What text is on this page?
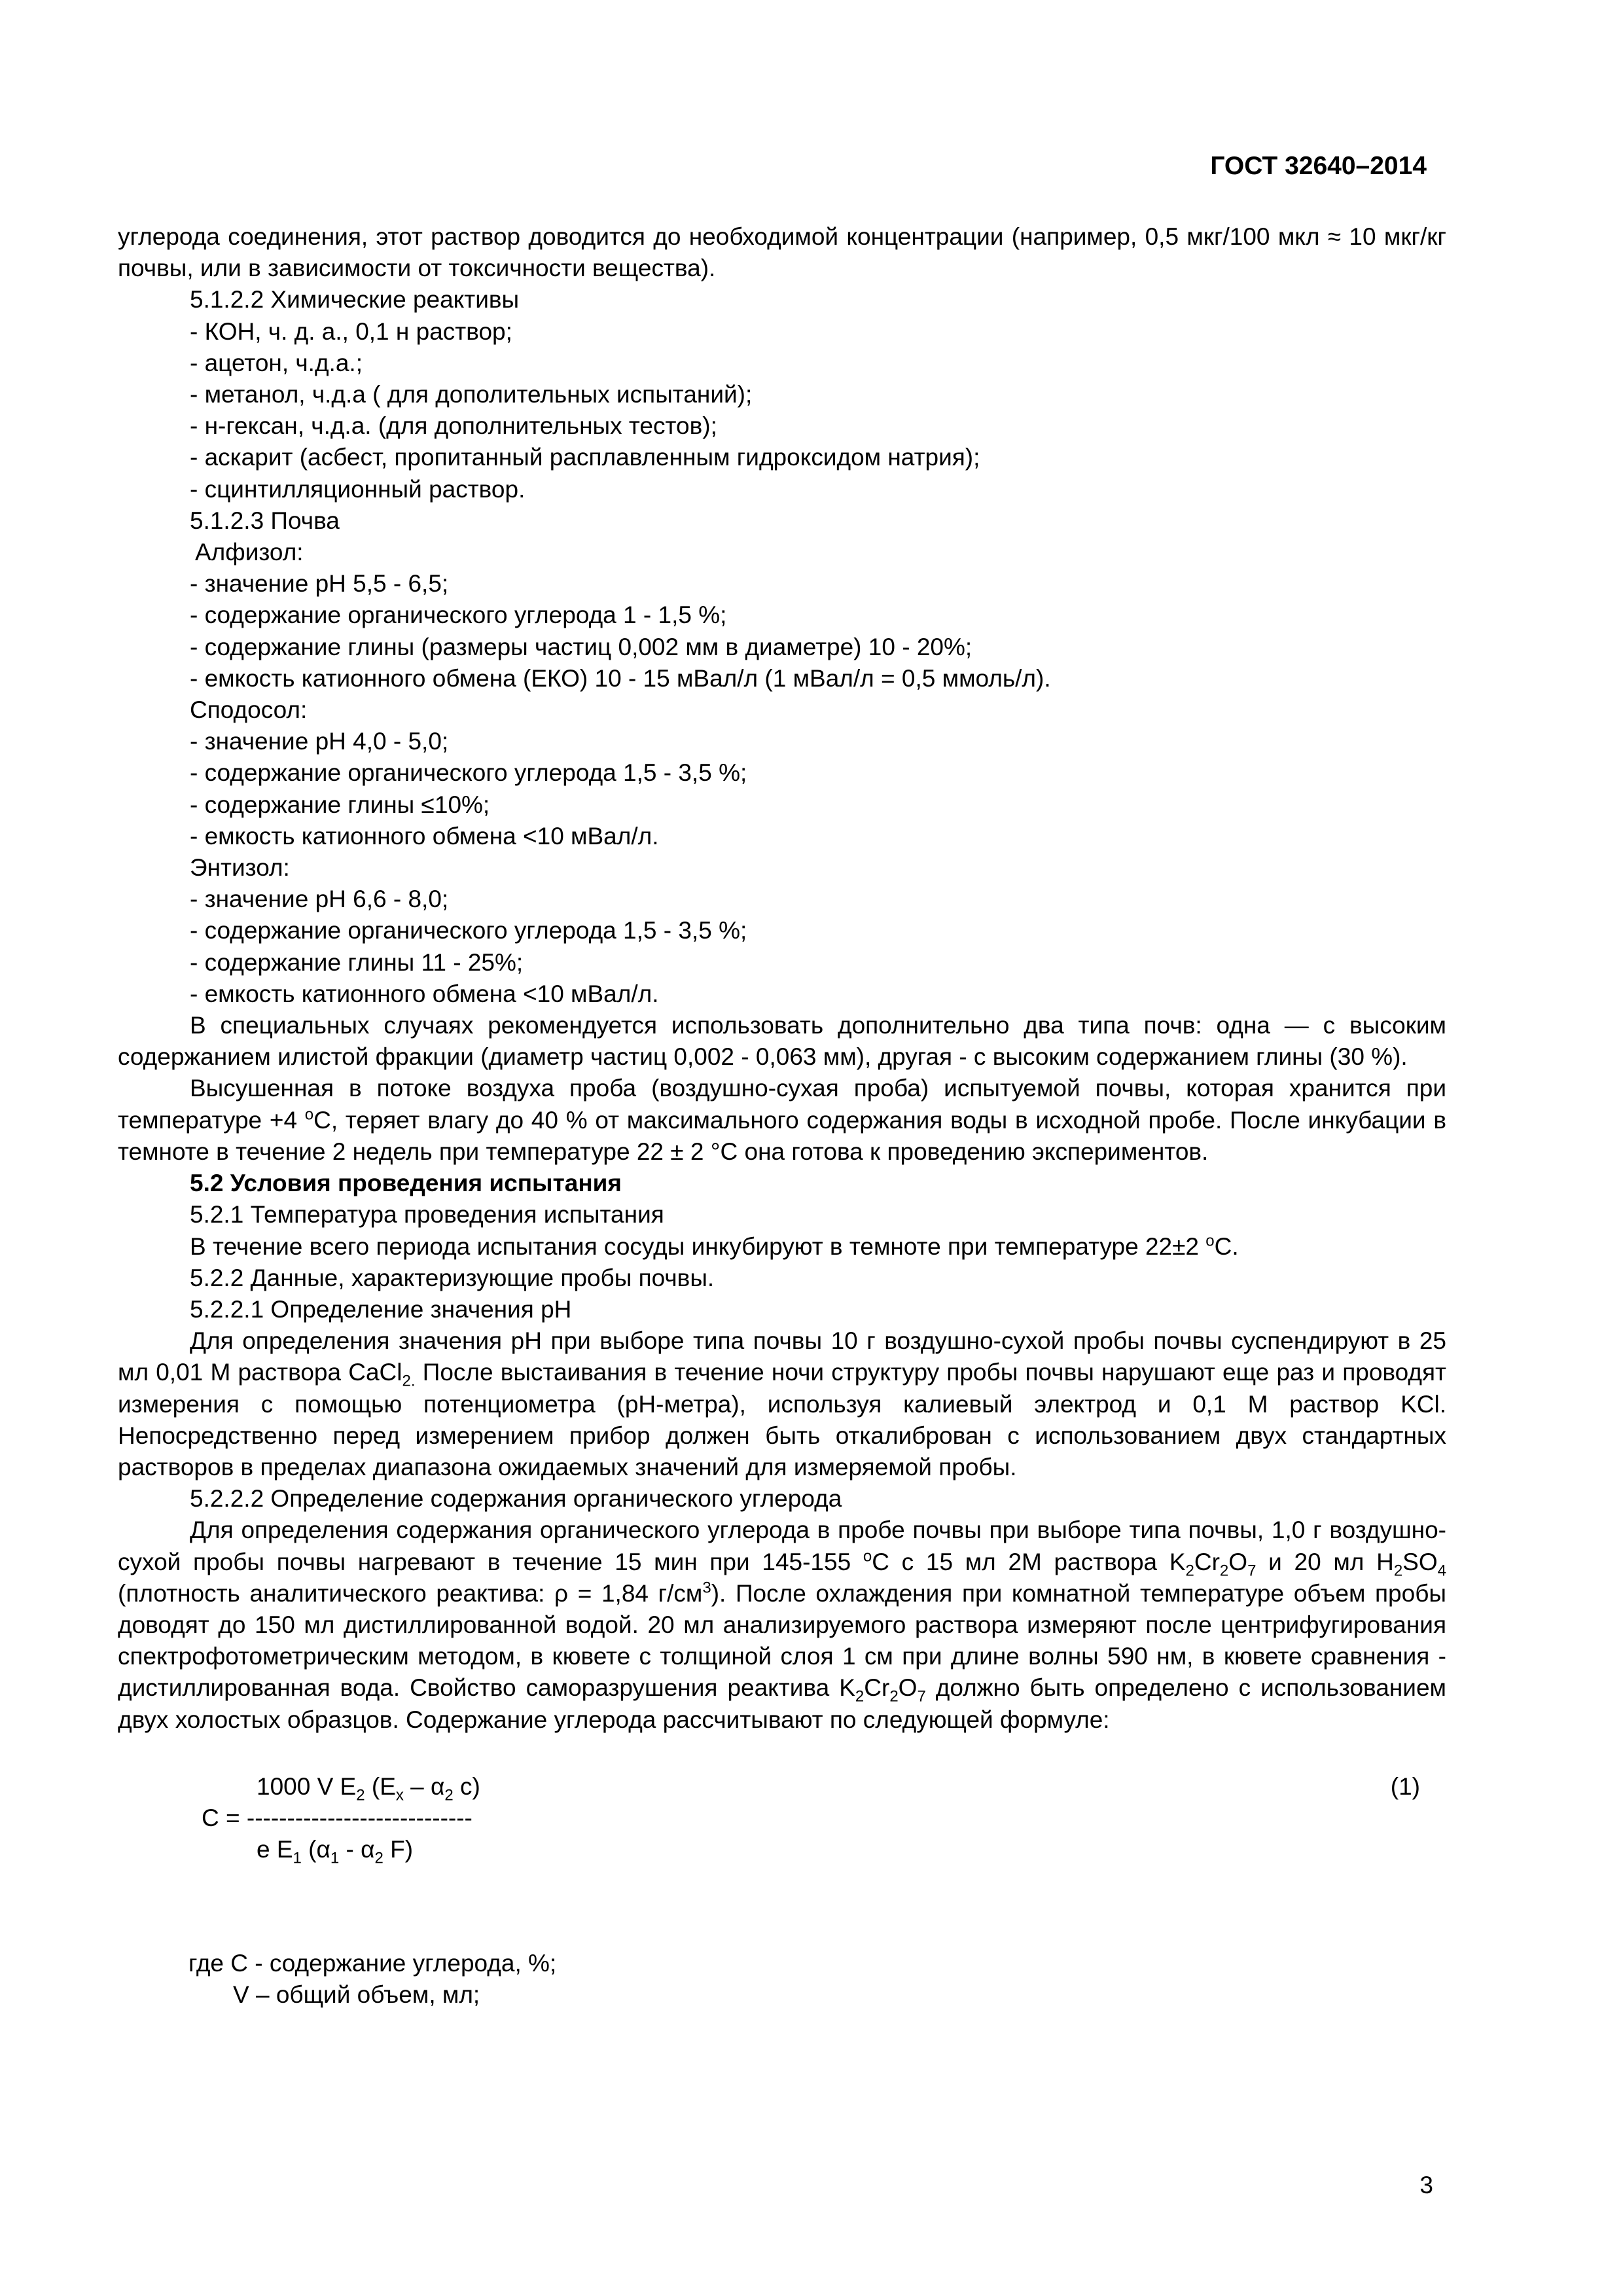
ГОСТ 32640–2014

углерода соединения, этот раствор доводится до необходимой концентрации (например, 0,5 мкг/100 мкл ≈ 10 мкг/кг почвы, или в зависимости от токсичности вещества).

5.1.2.2 Химические реактивы

- КОН, ч. д. а., 0,1 н раствор;

- ацетон, ч.д.а.;

- метанол, ч.д.а ( для дополительных испытаний);

- н-гексан, ч.д.а. (для дополнительных тестов);

- аскарит (асбест, пропитанный расплавленным гидроксидом натрия);

- сцинтилляционный раствор.

5.1.2.3 Почва

Алфизол:

- значение pH 5,5 - 6,5;

- содержание органического углерода 1 - 1,5 %;

- содержание глины (размеры частиц 0,002 мм в диаметре) 10 - 20%;

- емкость катионного обмена (ЕКО) 10 - 15 мВал/л (1 мВал/л = 0,5 ммоль/л).

Сподосол:

- значение pH 4,0 - 5,0;

- содержание органического углерода 1,5 - 3,5 %;

- содержание глины ≤10%;

- емкость катионного обмена <10 мВал/л.

Энтизол:

- значение pH 6,6 - 8,0;

- содержание органического углерода 1,5 - 3,5 %;

- содержание глины 11 - 25%;

- емкость катионного обмена <10 мВал/л.

В специальных случаях рекомендуется использовать дополнительно два типа почв: одна — с высоким содержанием илистой фракции (диаметр частиц 0,002 - 0,063 мм), другая - с высоким содержанием глины (30 %).

Высушенная в потоке воздуха проба (воздушно-сухая проба) испытуемой почвы, которая хранится при температуре +4 $^o$С, теряет влагу до 40 % от максимального содержания воды в исходной пробе. После инкубации в темноте в течение 2 недель при температуре 22 ± 2 °С она готова к проведению экспериментов.

5.2 Условия проведения испытания

5.2.1 Температура проведения испытания

В течение всего периода испытания сосуды инкубируют в темноте при температуре 22±2 $^о$С.

5.2.2 Данные, характеризующие пробы почвы.

5.2.2.1 Определение значения pH

Для определения значения pH при выборе типа почвы 10 г воздушно-сухой пробы почвы суспендируют в 25 мл 0,01 М раствора CaCl$_{2.}$ После выстаивания в течение ночи структуру пробы почвы нарушают еще раз и проводят измерения с помощью потенциометра (pH-метра), используя калиевый электрод и 0,1 М раствор KCl. Непосредственно перед измерением прибор должен быть откалиброван с использованием двух стандартных растворов в пределах диапазона ожидаемых значений для измеряемой пробы.

5.2.2.2 Определение содержания органического углерода

Для определения содержания органического углерода в пробе почвы при выборе типа почвы, 1,0 г воздушно-сухой пробы почвы нагревают в течение 15 мин при 145-155 $^о$С с 15 мл 2М раствора $K_2Cr_2O_7$ и 20 мл $H_2SO_4$ (плотность аналитического реактива: ρ = 1,84 $г/см^3$). После охлаждения при комнатной температуре объем пробы доводят до 150 мл дистиллированной водой. 20 мл анализируемого раствора измеряют после центрифугирования спектрофотометрическим методом, в кювете с толщиной слоя 1 см при длине волны 590 нм, в кювете сравнения - дистиллированная вода. Свойство саморазрушения реактива $K_2Cr_2O_7$ должно быть определено с использованием двух холостых образцов. Содержание углерода рассчитывают по следующей формуле:

1000 V $E_2$ ($E_x - \alpha_2$ с)
С = ----------------------------
е $E_1$ ($\alpha_1 - \alpha_2$ F)
(1)

где С - содержание углерода, %;

V – общий объем, мл;

3
